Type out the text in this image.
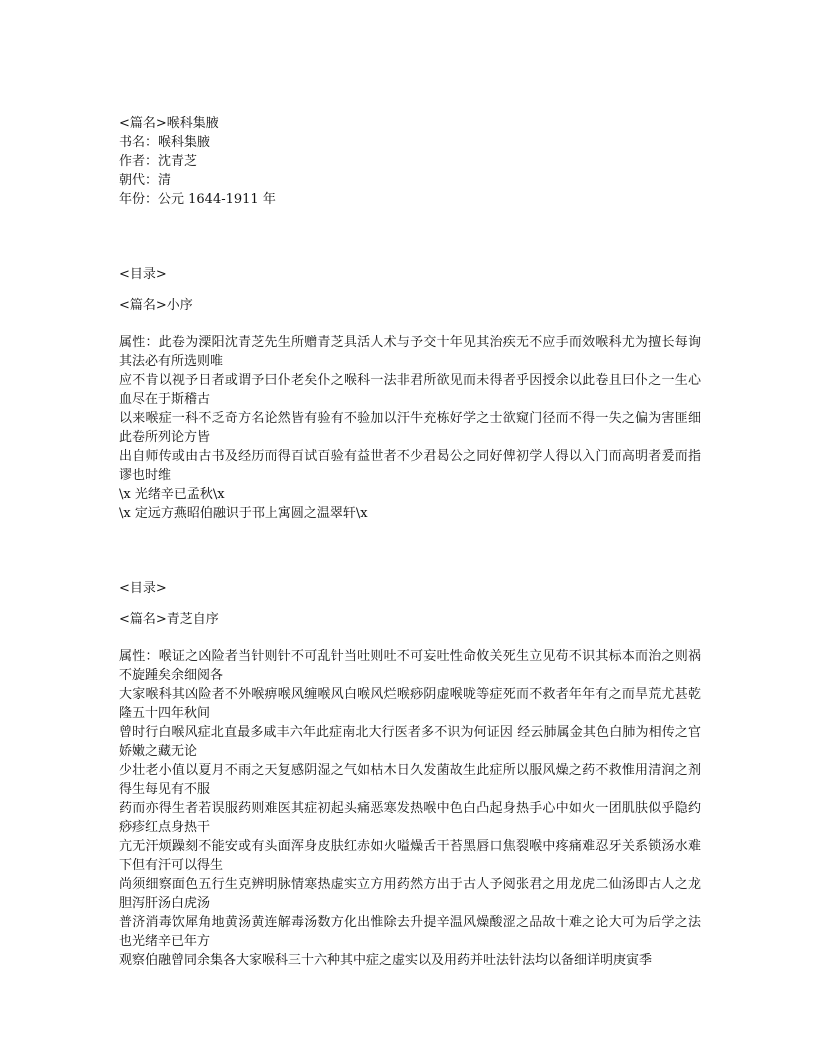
<篇名>喉科集腋
书名：喉科集腋
作者：沈青芝
朝代：清
年份：公元 1644-1911 年
<目录>
<篇名>小序
属性：此卷为溧阳沈青芝先生所赠青芝具活人术与予交十年见其治疾无不应手而效喉科尤为擅长每询其法必有所选则唯
应不肯以视予日者或谓予曰仆老矣仆之喉科一法非君所欲见而未得者乎因授余以此卷且曰仆之一生心血尽在于斯稽古
以来喉症一科不乏奇方名论然皆有验有不验加以汗牛充栋好学之士欲窥门径而不得一失之偏为害匪细此卷所列论方皆
出自师传或由古书及经历而得百试百验有益世者不少君曷公之同好俾初学人得以入门而高明者爰而指谬也时维
\x 光绪辛已孟秋\x
\x 定远方燕昭伯融识于邗上寓圆之温翠轩\x
<目录>
<篇名>青芝自序
属性：喉证之凶险者当针则针不可乱针当吐则吐不可妄吐性命攸关死生立见苟不识其标本而治之则祸不旋踵矣余细阅各
大家喉科其凶险者不外喉痹喉风缠喉风白喉风烂喉痧阴虚喉咙等症死而不救者年年有之而旱荒尤甚乾隆五十四年秋间
曾时行白喉风症北直最多咸丰六年此症南北大行医者多不识为何证因 经云肺属金其色白肺为相传之官娇嫩之藏无论
少壮老小值以夏月不雨之天复感阴湿之气如枯木日久发菌故生此症所以服风燥之药不救惟用清润之剂得生每见有不服
药而亦得生者若误服药则难医其症初起头痛恶寒发热喉中色白凸起身热手心中如火一团肌肤似乎隐约痧疹红点身热干
亢无汗烦躁刻不能安或有头面浑身皮肤红赤如火嗌燥舌干苔黑唇口焦裂喉中疼痛难忍牙关系锁汤水难下但有汗可以得生
尚须细察面色五行生克辨明脉情寒热虚实立方用药然方出于古人予阅张君之用龙虎二仙汤即古人之龙胆泻肝汤白虎汤
普济消毒饮犀角地黄汤黄连解毒汤数方化出惟除去升提辛温风燥酸涩之品故十难之论大可为后学之法也光绪辛已年方
观察伯融曾同余集各大家喉科三十六种其中症之虚实以及用药并吐法针法均以备细详明庚寅季
